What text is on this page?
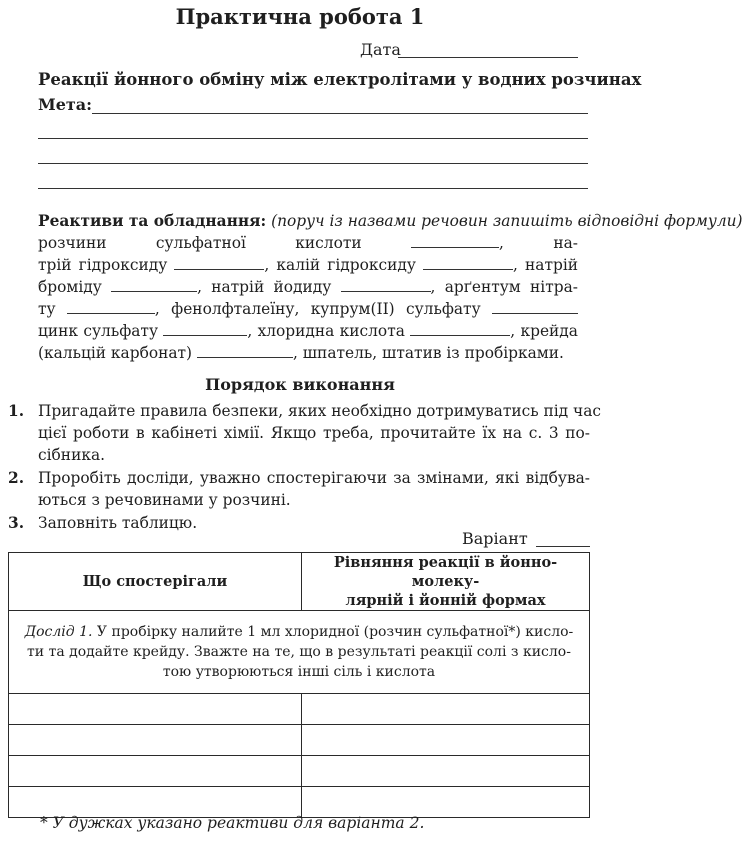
Практична робота 1
Дата
Реакції йонного обміну між електролітами у водних розчинах
Мета:
Реактиви та обладнання: (поруч із назвами речовин запишіть відповідні формули)
розчини сульфатної кислоти	, на-
трій гідроксиду	, калій гідроксиду	, натрій
броміду	, натрій йодиду	, арґентум нітра-
ту	, фенолфталеїну, купрум(ІІ) сульфату
цинк сульфату	, хлоридна кислота	, крейда
(кальцій карбонат)	, шпатель, штатив із пробірками.
Порядок виконання
1. Пригадайте правила безпеки, яких необхідно дотримуватись під час
цієї роботи в кабінеті хімії. Якщо треба, прочитайте їх на с. 3 по-
сібника.
2. Проробіть досліди, уважно спостерігаючи за змінами, які відбува-
ються з речовинами у розчині.
3. Заповніть таблицю.
Варіант
Що спостерігали	Рівняння реакції в йонно-молеку-
лярній і йонній формах
Дослід 1. У пробірку налийте 1 мл хлоридної (розчин сульфатної*) кисло-
ти та додайте крейду. Зважте на те, що в результаті реакції солі з кисло-
тою утворюються інші сіль і кислота	

* У дужках указано реактиви для варіанта 2.
